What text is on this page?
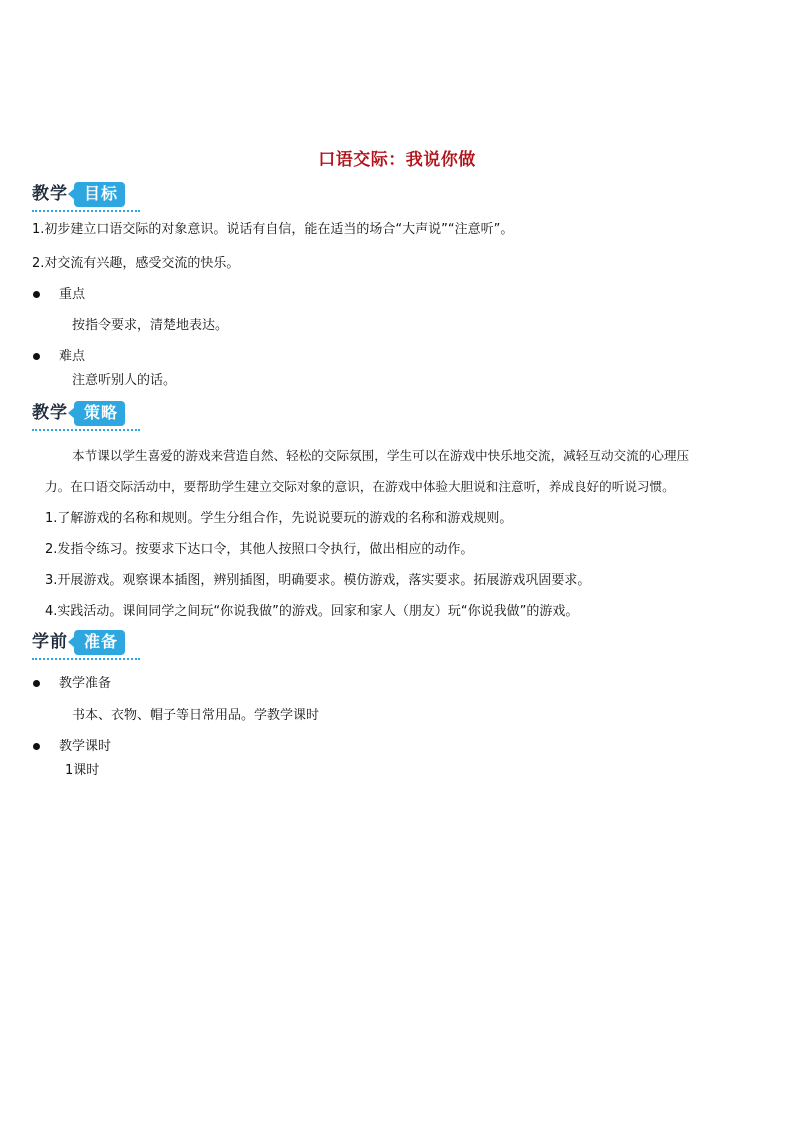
口语交际：我说你做
教学	目标
1.初步建立口语交际的对象意识。说话有自信，能在适当的场合“大声说”“注意听”。
2.对交流有兴趣，感受交流的快乐。
重点
按指令要求，清楚地表达。
难点
注意听别人的话。
教学	策略
本节课以学生喜爱的游戏来营造自然、轻松的交际氛围，学生可以在游戏中快乐地交流，减轻互动交流的心理压
力。在口语交际活动中，要帮助学生建立交际对象的意识，在游戏中体验大胆说和注意听，养成良好的听说习惯。
1.了解游戏的名称和规则。学生分组合作，先说说要玩的游戏的名称和游戏规则。
2.发指令练习。按要求下达口令，其他人按照口令执行，做出相应的动作。
3.开展游戏。观察课本插图，辨别插图，明确要求。模仿游戏，落实要求。拓展游戏巩固要求。
4.实践活动。课间同学之间玩“你说我做”的游戏。回家和家人（朋友）玩“你说我做”的游戏。
学前	准备
教学准备
书本、衣物、帽子等日常用品。学教学课时
教学课时
1课时
